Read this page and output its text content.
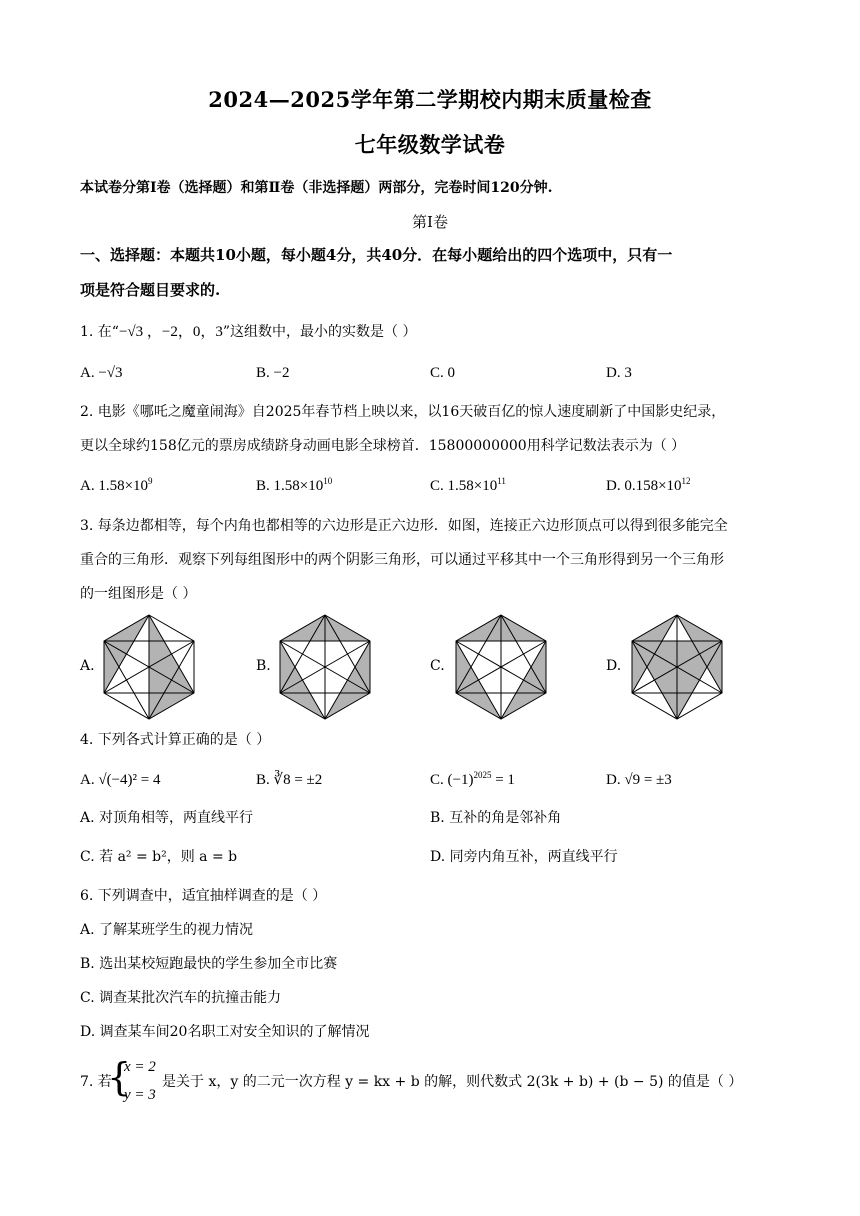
2024—2025学年第二学期校内期末质量检查
七年级数学试卷
本试卷分第Ⅰ卷（选择题）和第Ⅱ卷（非选择题）两部分，完卷时间120分钟.
第Ⅰ卷
一、选择题：本题共10小题，每小题4分，共40分．在每小题给出的四个选项中，只有一
项是符合题目要求的.
1. 在“−√3 ，−2，0，3”这组数中，最小的实数是（ ）
A. −√3	B. −2	C. 0	D. 3
2. 电影《哪吒之魔童闹海》自2025年春节档上映以来，以16天破百亿的惊人速度刷新了中国影史纪录，
更以全球约158亿元的票房成绩跻身动画电影全球榜首．15800000000用科学记数法表示为（ ）
A. $1.58\times 10^9$	B. $1.58\times 10^{10}$	C. $1.58\times 10^{11}$	D. $0.158\times 10^{12}$
3. 每条边都相等，每个内角也都相等的六边形是正六边形．如图，连接正六边形顶点可以得到很多能完全
重合的三角形．观察下列每组图形中的两个阴影三角形，可以通过平移其中一个三角形得到另一个三角形
的一组图形是（ ）
A.	B.	C.	D.
4. 下列各式计算正确的是（ ）
A. √(−4)² = 4	B. ∛8 = ±2	C. $(-1)^{2025} = 1$	D. √9 = ±3
A. 对顶角相等，两直线平行	B. 互补的角是邻补角
C. 若 a² = b²，则 a = b	D. 同旁内角互补，两直线平行
6. 下列调查中，适宜抽样调查的是（ ）
A. 了解某班学生的视力情况
B. 选出某校短跑最快的学生参加全市比赛
C. 调查某批次汽车的抗撞击能力
D. 调查某车间20名职工对安全知识的了解情况
7. 若
{
x = 2
y = 3
是关于 x，y 的二元一次方程 y = kx + b 的解，则代数式 2(3k + b) + (b − 5) 的值是（ ）
